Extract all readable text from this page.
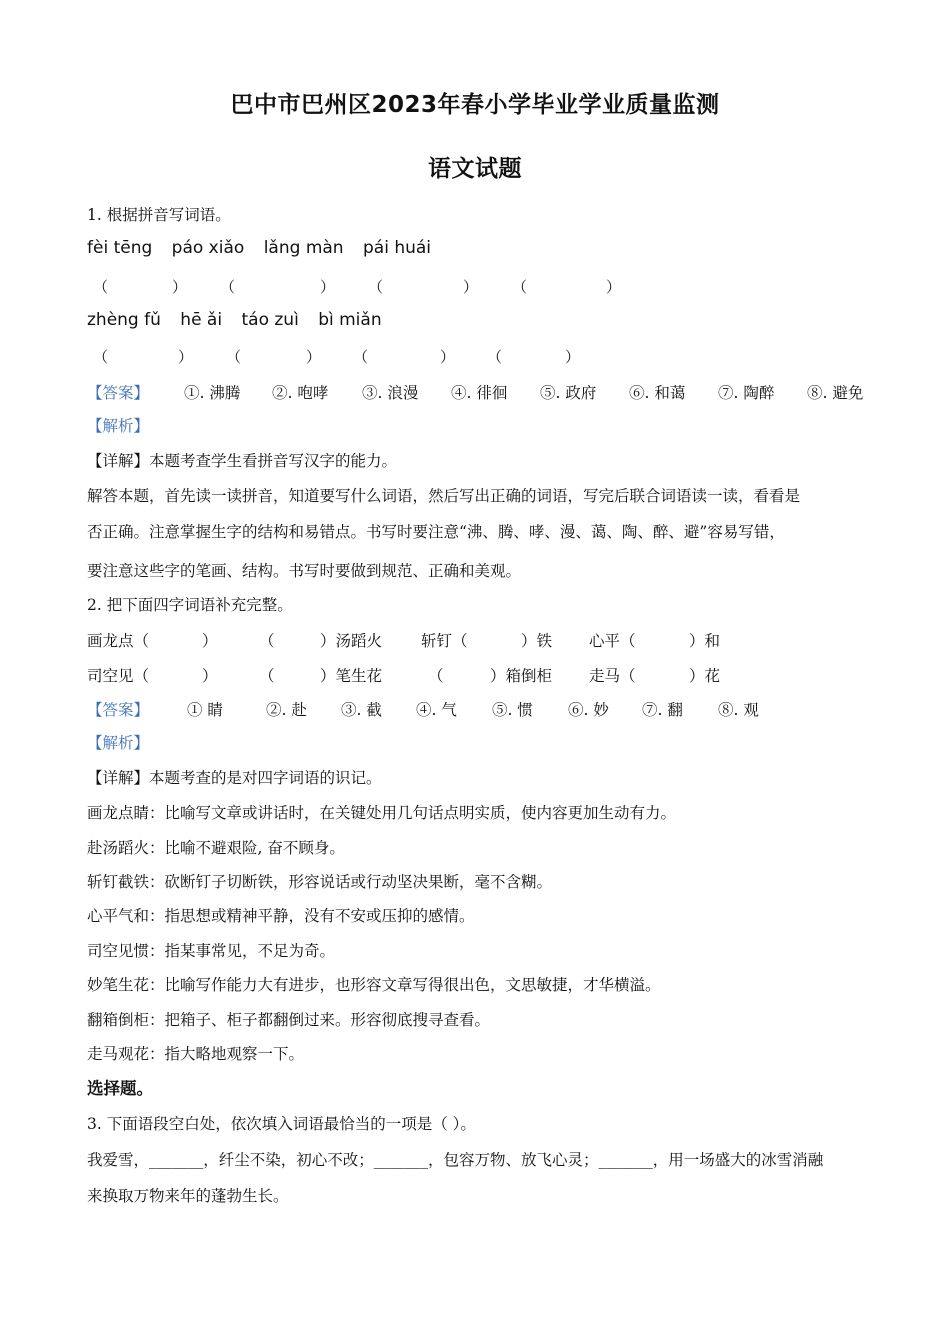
巴中市巴州区2023年春小学毕业学业质量监测
语文试题
1. 根据拼音写词语。
fèi tēng páo xiǎo lǎng màn pái huái
（	） （	） （	） （	）
zhèng fǔ hē ǎi táo zuì bì miǎn
（	） （	） （	） （	）
【答案】 ①. 沸腾 ②. 咆哮 ③. 浪漫 ④. 徘徊 ⑤. 政府 ⑥. 和蔼 ⑦. 陶醉 ⑧. 避免
【解析】
【详解】本题考查学生看拼音写汉字的能力。
解答本题，首先读一读拼音，知道要写什么词语，然后写出正确的词语，写完后联合词语读一读，看看是
否正确。注意掌握生字的结构和易错点。书写时要注意“沸、腾、哮、漫、蔼、陶、醉、避”容易写错，
要注意这些字的笔画、结构。书写时要做到规范、正确和美观。
2. 把下面四字词语补充完整。
画龙点（	）	（	）汤蹈火	斩钉（	）铁 心平（	）和
司空见（	）	（	）笔生花	（	）箱倒柜 走马（	）花
【答案】 ① 睛	②. 赴 ③. 截 ④. 气 ⑤. 惯 ⑥. 妙 ⑦. 翻 ⑧. 观
【解析】
【详解】本题考查的是对四字词语的识记。
画龙点睛：比喻写文章或讲话时，在关键处用几句话点明实质，使内容更加生动有力。
赴汤蹈火：比喻不避艰险, 奋不顾身。
斩钉截铁：砍断钉子切断铁，形容说话或行动坚决果断，毫不含糊。
心平气和：指思想或精神平静，没有不安或压抑的感情。
司空见惯：指某事常见，不足为奇。
妙笔生花：比喻写作能力大有进步，也形容文章写得很出色，文思敏捷，才华横溢。
翻箱倒柜：把箱子、柜子都翻倒过来。形容彻底搜寻查看。
走马观花：指大略地观察一下。
选择题。
3. 下面语段空白处，依次填入词语最恰当的一项是（ ）。
我爱雪，_______，纤尘不染，初心不改；_______，包容万物、放飞心灵；_______，用一场盛大的冰雪消融
来换取万物来年的蓬勃生长。
